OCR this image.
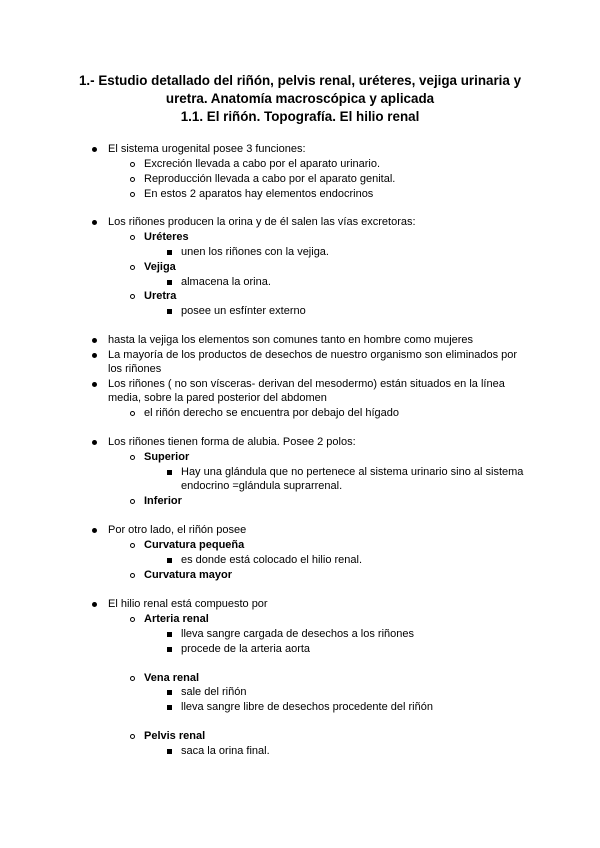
1.- Estudio detallado del riñón, pelvis renal, uréteres, vejiga urinaria y
uretra. Anatomía macroscópica y aplicada
1.1. El riñón. Topografía. El hilio renal
El sistema urogenital posee 3 funciones:
Excreción llevada a cabo por el aparato urinario.
Reproducción llevada a cabo por el aparato genital.
En estos 2 aparatos hay elementos endocrinos
Los riñones producen la orina y de él salen las vías excretoras:
Uréteres
unen los riñones con la vejiga.
Vejiga
almacena la orina.
Uretra
posee un esfínter externo
hasta la vejiga los elementos son comunes tanto en hombre como mujeres
La mayoría de los productos de desechos de nuestro organismo son eliminados por
los riñones
Los riñones ( no son vísceras- derivan del mesodermo) están situados en la línea
media, sobre la pared posterior del abdomen
el riñón derecho se encuentra por debajo del hígado
Los riñones tienen forma de alubia. Posee 2 polos:
Superior
Hay una glándula que no pertenece al sistema urinario sino al sistema
endocrino =glándula suprarrenal.
Inferior
Por otro lado, el riñón posee
Curvatura pequeña
es donde está colocado el hilio renal.
Curvatura mayor
El hilio renal está compuesto por
Arteria renal
lleva sangre cargada de desechos a los riñones
procede de la arteria aorta
Vena renal
sale del riñón
lleva sangre libre de desechos procedente del riñón
Pelvis renal
saca la orina final.
